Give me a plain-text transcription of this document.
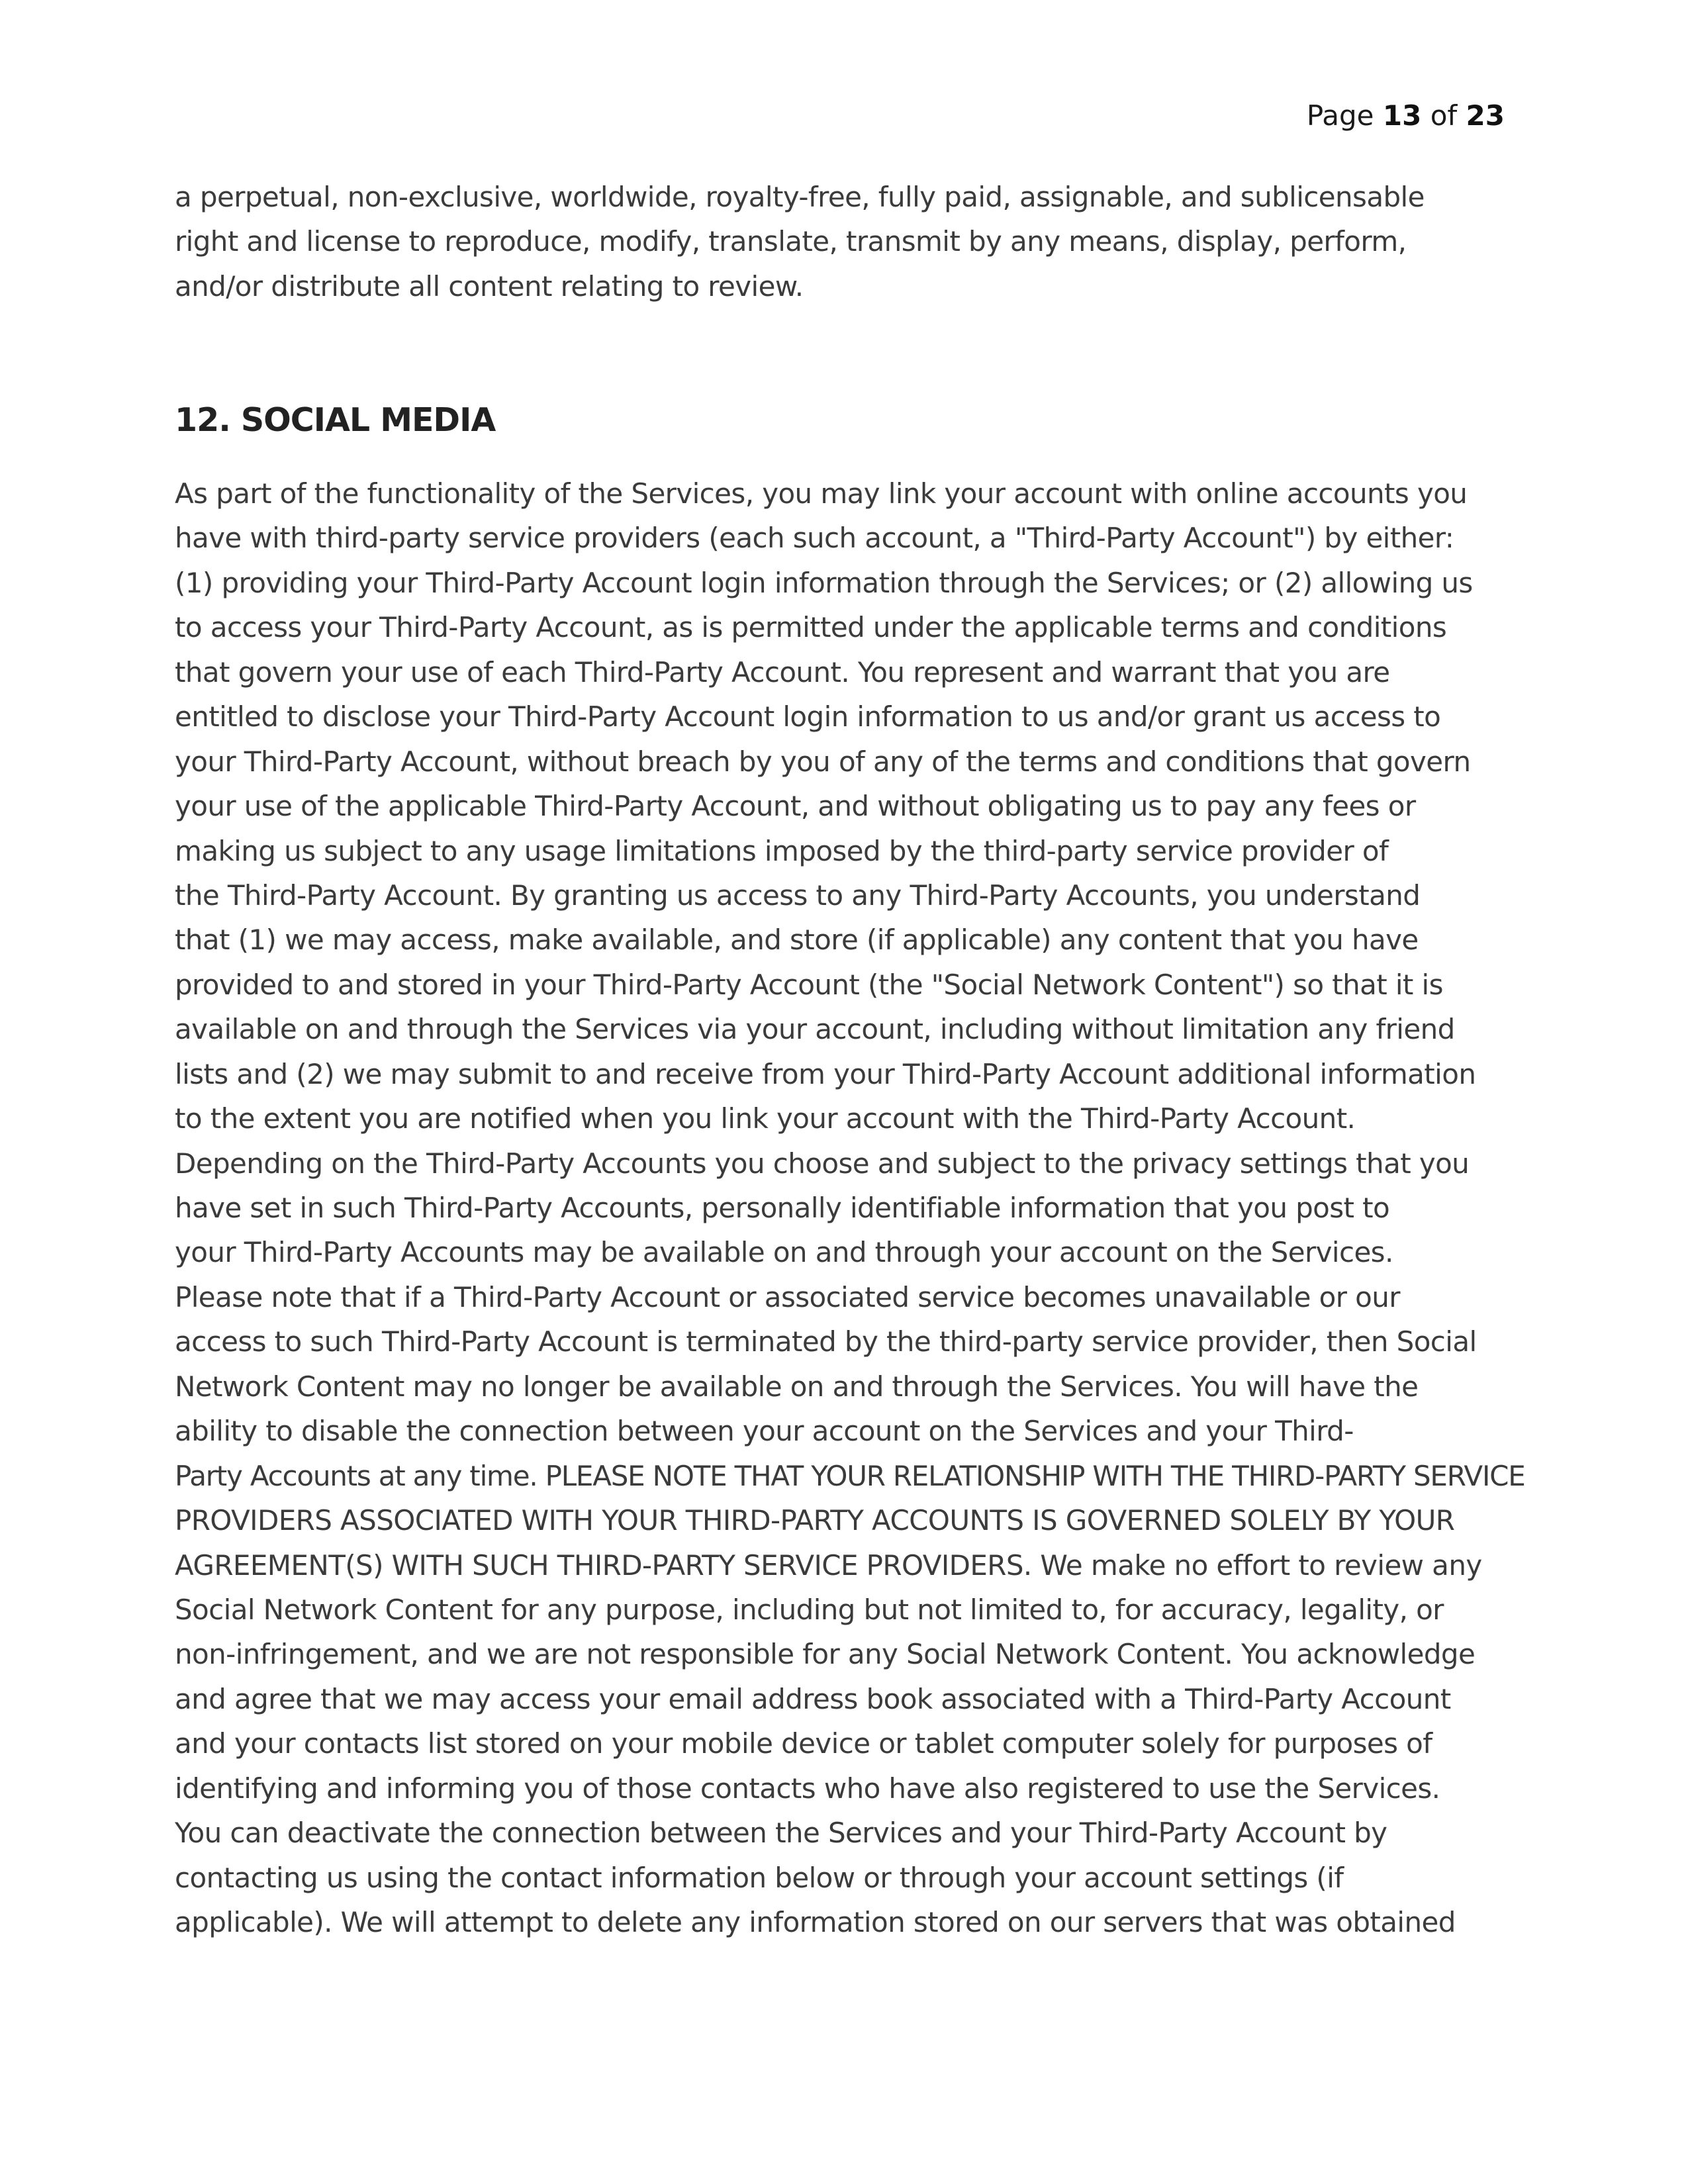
Page 13 of 23
a perpetual, non-exclusive, worldwide, royalty-free, fully paid, assignable, and sublicensable
right and license to reproduce, modify, translate, transmit by any means, display, perform,
and/or distribute all content relating to review.
12. SOCIAL MEDIA
As part of the functionality of the Services, you may link your account with online accounts you
have with third-party service providers (each such account, a "Third-Party Account") by either:
(1) providing your Third-Party Account login information through the Services; or (2) allowing us
to access your Third-Party Account, as is permitted under the applicable terms and conditions
that govern your use of each Third-Party Account. You represent and warrant that you are
entitled to disclose your Third-Party Account login information to us and/or grant us access to
your Third-Party Account, without breach by you of any of the terms and conditions that govern
your use of the applicable Third-Party Account, and without obligating us to pay any fees or
making us subject to any usage limitations imposed by the third-party service provider of
the Third-Party Account. By granting us access to any Third-Party Accounts, you understand
that (1) we may access, make available, and store (if applicable) any content that you have
provided to and stored in your Third-Party Account (the "Social Network Content") so that it is
available on and through the Services via your account, including without limitation any friend
lists and (2) we may submit to and receive from your Third-Party Account additional information
to the extent you are notified when you link your account with the Third-Party Account.
Depending on the Third-Party Accounts you choose and subject to the privacy settings that you
have set in such Third-Party Accounts, personally identifiable information that you post to
your Third-Party Accounts may be available on and through your account on the Services.
Please note that if a Third-Party Account or associated service becomes unavailable or our
access to such Third-Party Account is terminated by the third-party service provider, then Social
Network Content may no longer be available on and through the Services. You will have the
ability to disable the connection between your account on the Services and your Third-
Party Accounts at any time. PLEASE NOTE THAT YOUR RELATIONSHIP WITH THE THIRD-PARTY SERVICE
PROVIDERS ASSOCIATED WITH YOUR THIRD-PARTY ACCOUNTS IS GOVERNED SOLELY BY YOUR
AGREEMENT(S) WITH SUCH THIRD-PARTY SERVICE PROVIDERS. We make no effort to review any
Social Network Content for any purpose, including but not limited to, for accuracy, legality, or
non-infringement, and we are not responsible for any Social Network Content. You acknowledge
and agree that we may access your email address book associated with a Third-Party Account
and your contacts list stored on your mobile device or tablet computer solely for purposes of
identifying and informing you of those contacts who have also registered to use the Services.
You can deactivate the connection between the Services and your Third-Party Account by
contacting us using the contact information below or through your account settings (if
applicable). We will attempt to delete any information stored on our servers that was obtained
